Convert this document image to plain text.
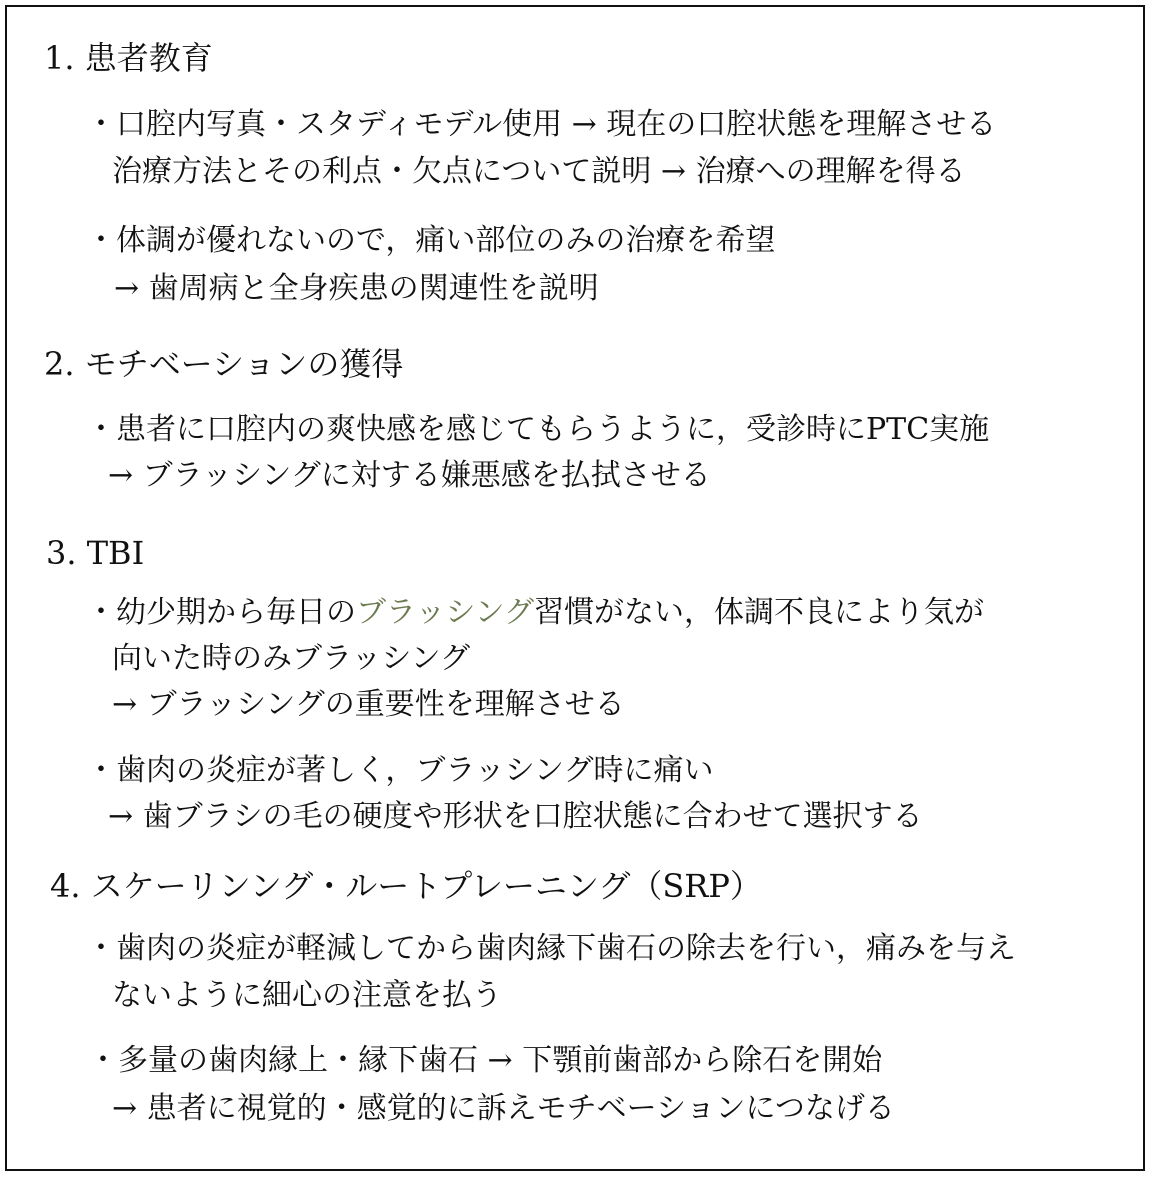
1. 患者教育
・口腔内写真・スタディモデル使用 → 現在の口腔状態を理解させる
治療方法とその利点・欠点について説明 → 治療への理解を得る
・体調が優れないので，痛い部位のみの治療を希望
→ 歯周病と全身疾患の関連性を説明
2. モチベーションの獲得
・患者に口腔内の爽快感を感じてもらうように，受診時にPTC実施
→ ブラッシングに対する嫌悪感を払拭させる
3. TBI
・幼少期から毎日のブラッシング習慣がない，体調不良により気が
向いた時のみブラッシング
→ ブラッシングの重要性を理解させる
・歯肉の炎症が著しく，ブラッシング時に痛い
→ 歯ブラシの毛の硬度や形状を口腔状態に合わせて選択する
4. スケーリンング・ルートプレーニング（SRP）
・歯肉の炎症が軽減してから歯肉縁下歯石の除去を行い，痛みを与え
ないように細心の注意を払う
・多量の歯肉縁上・縁下歯石 → 下顎前歯部から除石を開始
→ 患者に視覚的・感覚的に訴えモチベーションにつなげる
